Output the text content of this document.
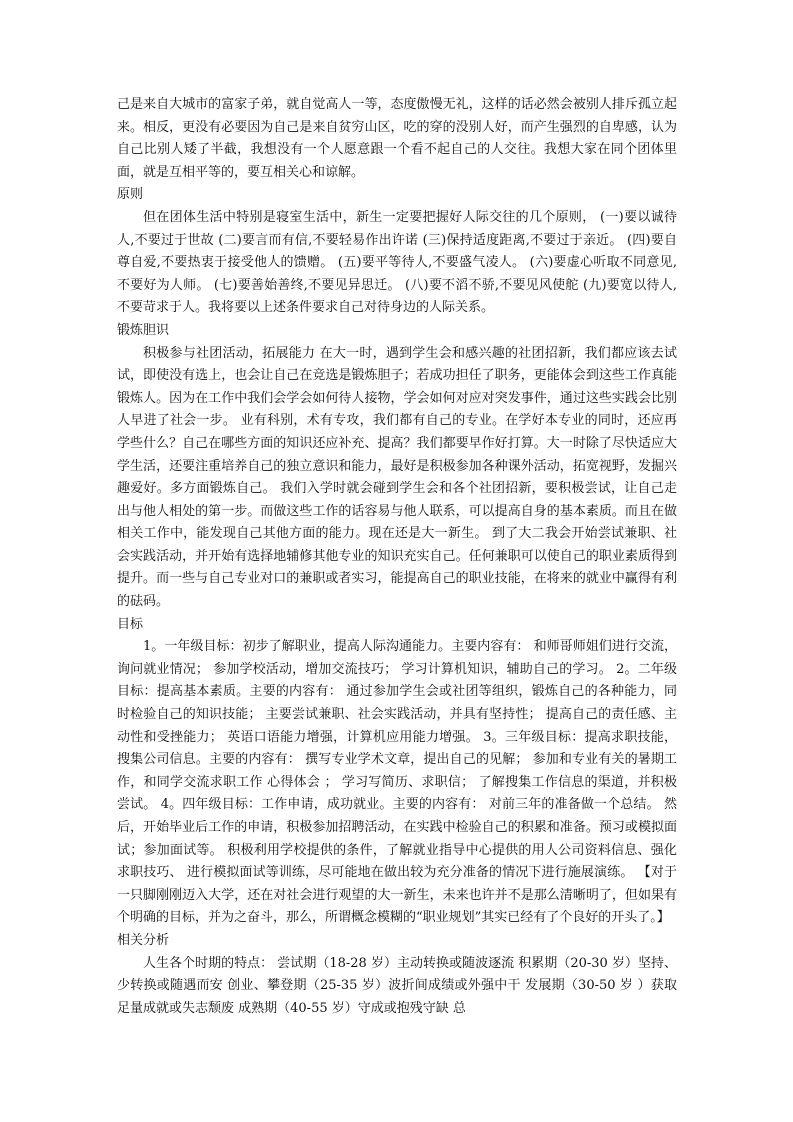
己是来自大城市的富家子弟，就自觉高人一等，态度傲慢无礼，这样的话必然会被别人排斥孤立起来。相反，更没有必要因为自己是来自贫穷山区，吃的穿的没别人好，而产生强烈的自卑感，认为自己比别人矮了半截，我想没有一个人愿意跟一个看不起自己的人交往。我想大家在同个团体里面，就是互相平等的，要互相关心和谅解。

原则

但在团体生活中特别是寝室生活中，新生一定要把握好人际交往的几个原则， (一)要以诚待人,不要过于世故 (二)要言而有信,不要轻易作出许诺 (三)保持适度距离,不要过于亲近。 (四)要自尊自爱,不要热衷于接受他人的馈赠。 (五)要平等待人,不要盛气凌人。 (六)要虚心听取不同意见,不要好为人师。 (七)要善始善终,不要见异思迁。 (八)要不滔不骄,不要见风使舵 (九)要宽以待人,不要苛求于人。我将要以上述条件要求自己对待身边的人际关系。

锻炼胆识

积极参与社团活动，拓展能力 在大一时，遇到学生会和感兴趣的社团招新，我们都应该去试试，即使没有选上，也会让自己在竞选是锻炼胆子；若成功担任了职务，更能体会到这些工作真能锻炼人。因为在工作中我们会学会如何待人接物，学会如何对应对突发事件，通过这些实践会比别人早进了社会一步。 业有科别，术有专攻，我们都有自己的专业。在学好本专业的同时，还应再学些什么？自己在哪些方面的知识还应补充、提高？我们都要早作好打算。大一时除了尽快适应大学生活，还要注重培养自己的独立意识和能力，最好是积极参加各种课外活动，拓宽视野，发掘兴趣爱好。多方面锻炼自己。 我们入学时就会碰到学生会和各个社团招新，要积极尝试，让自己走出与他人相处的第一步。而做这些工作的话容易与他人联系，可以提高自身的基本素质。而且在做相关工作中，能发现自己其他方面的能力。现在还是大一新生。 到了大二我会开始尝试兼职、社会实践活动，并开始有选择地辅修其他专业的知识充实自己。任何兼职可以使自己的职业素质得到提升。而一些与自己专业对口的兼职或者实习，能提高自己的职业技能，在将来的就业中赢得有利的砝码。

目标

1。一年级目标：初步了解职业，提高人际沟通能力。主要内容有： 和师哥师姐们进行交流，询问就业情况； 参加学校活动，增加交流技巧； 学习计算机知识，辅助自己的学习。 2。二年级目标：提高基本素质。主要的内容有： 通过参加学生会或社团等组织，锻炼自己的各种能力，同时检验自己的知识技能； 主要尝试兼职、社会实践活动，并具有坚持性； 提高自己的责任感、主动性和受挫能力； 英语口语能力增强，计算机应用能力增强。 3。三年级目标：提高求职技能，搜集公司信息。主要的内容有： 撰写专业学术文章，提出自己的见解； 参加和专业有关的暑期工作，和同学交流求职工作 心得体会 ； 学习写简历、求职信； 了解搜集工作信息的渠道，并积极尝试。 4。四年级目标：工作申请，成功就业。主要的内容有： 对前三年的准备做一个总结。 然后，开始毕业后工作的申请，积极参加招聘活动，在实践中检验自己的积累和准备。预习或模拟面试；参加面试等。 积极利用学校提供的条件，了解就业指导中心提供的用人公司资料信息、强化求职技巧、 进行模拟面试等训练，尽可能地在做出较为充分准备的情况下进行施展演练。 【对于一只脚刚刚迈入大学，还在对社会进行观望的大一新生，未来也许并不是那么清晰明了，但如果有个明确的目标，并为之奋斗，那么，所谓概念模糊的“职业规划”其实已经有了个良好的开头了。】

相关分析

人生各个时期的特点： 尝试期（18-28 岁）主动转换或随波逐流 积累期（20-30 岁）坚持、少转换或随遇而安 创业、攀登期（25-35 岁）波折间成绩或外强中干 发展期（30-50 岁 ）获取足量成就或失志颓废 成熟期（40-55 岁）守成或抱残守缺 总
